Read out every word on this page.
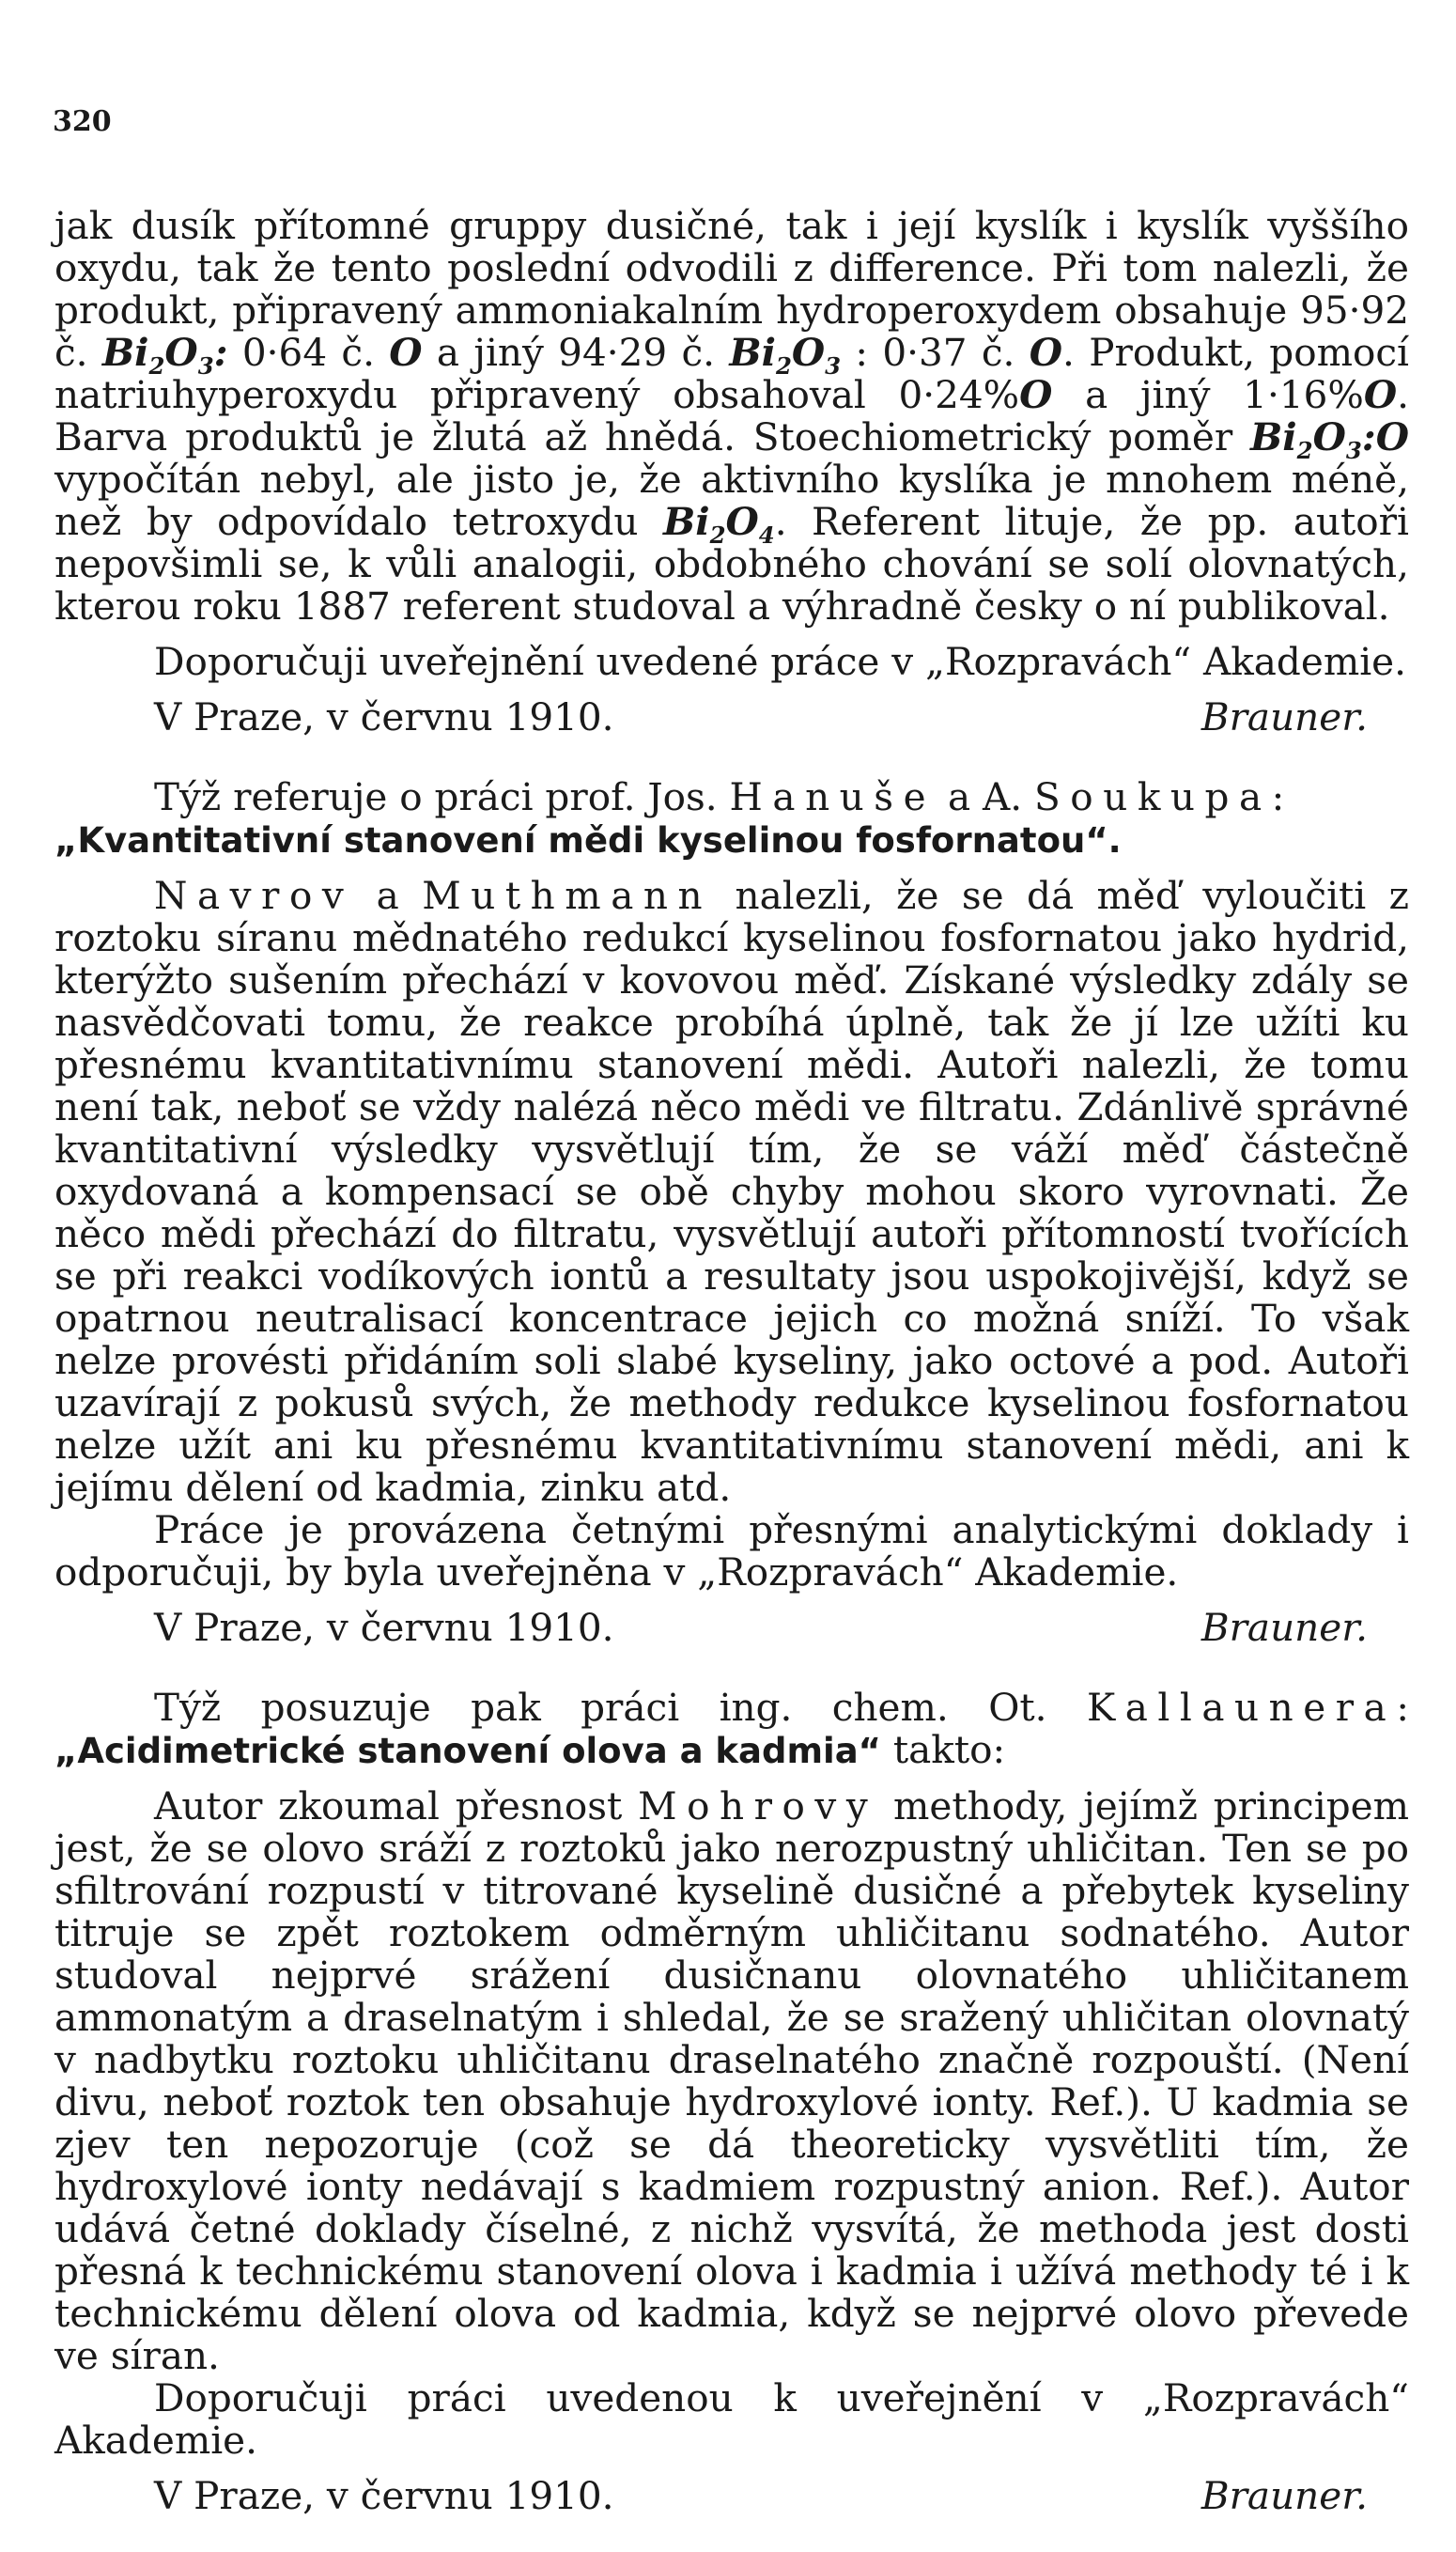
320

jak dusík přítomné gruppy dusičné, tak i její kyslík i kyslík vyššího oxydu, tak že tento poslední odvodili z difference. Při tom nalezli, že produkt, připravený ammoniakalním hydroperoxydem obsahuje 95·92 č. $Bi_2O_3$: 0·64 č. O a jiný 94·29 č. $Bi_2O_3$ : 0·37 č. O. Produkt, pomocí natriuhyperoxydu připravený obsahoval 0·24%O a jiný 1·16%O. Barva produktů je žlutá až hnědá. Stoechiometrický poměr $Bi_2O_3:O$ vypočítán nebyl, ale jisto je, že aktivního kyslíka je mnohem méně, než by odpovídalo tetroxydu $Bi_2O_4$. Referent lituje, že pp. autoři nepovšimli se, k vůli analogii, obdobného chování se solí olovnatých, kterou roku 1887 referent studoval a výhradně česky o ní publikoval.

Doporučuji uveřejnění uvedené práce v „Rozpravách“ Akademie.

V Praze, v červnu 1910.	Brauner.

Týž referuje o práci prof. Jos. Hanuše a A. Soukupa:
„Kvantitativní stanovení mědi kyselinou fosfornatou“.

Navrov a Muthmann nalezli, že se dá měď vyloučiti z roztoku síranu mědnatého redukcí kyselinou fosfornatou jako hydrid, kterýžto sušením přechází v kovovou měď. Získané výsledky zdály se nasvědčovati tomu, že reakce probíhá úplně, tak že jí lze užíti ku přesnému kvantitativnímu stanovení mědi. Autoři nalezli, že tomu není tak, neboť se vždy nalézá něco mědi ve filtratu. Zdánlivě správné kvantitativní výsledky vysvětlují tím, že se váží měď částečně oxydovaná a kompensací se obě chyby mohou skoro vyrovnati. Že něco mědi přechází do filtratu, vysvětlují autoři přítomností tvořících se při reakci vodíkových iontů a resultaty jsou uspokojivější, když se opatrnou neutralisací koncentrace jejich co možná sníží. To však nelze provésti přidáním soli slabé kyseliny, jako octové a pod. Autoři uzavírají z pokusů svých, že methody redukce kyselinou fosfornatou nelze užít ani ku přesnému kvantitativnímu stanovení mědi, ani k jejímu dělení od kadmia, zinku atd.

Práce je provázena četnými přesnými analytickými doklady i odporučuji, by byla uveřejněna v „Rozpravách“ Akademie.

V Praze, v červnu 1910.	Brauner.

Týž posuzuje pak práci ing. chem. Ot. Kallaunera: „Acidimetrické stanovení olova a kadmia“ takto:

Autor zkoumal přesnost Mohrovy methody, jejímž principem jest, že se olovo sráží z roztoků jako nerozpustný uhličitan. Ten se po sfiltrování rozpustí v titrované kyselině dusičné a přebytek kyseliny titruje se zpět roztokem odměrným uhličitanu sodnatého. Autor studoval nejprvé srážení dusičnanu olovnatého uhličitanem ammonatým a draselnatým i shledal, že se sražený uhličitan olovnatý v nadbytku roztoku uhličitanu draselnatého značně rozpouští. (Není divu, neboť roztok ten obsahuje hydroxylové ionty. Ref.). U kadmia se zjev ten nepozoruje (což se dá theoreticky vysvětliti tím, že hydroxylové ionty nedávají s kadmiem rozpustný anion. Ref.). Autor udává četné doklady číselné, z nichž vysvítá, že methoda jest dosti přesná k technickému stanovení olova i kadmia i užívá methody té i k technickému dělení olova od kadmia, když se nejprvé olovo převede ve síran.

Doporučuji práci uvedenou k uveřejnění v „Rozpravách“ Akademie.

V Praze, v červnu 1910.	Brauner.
